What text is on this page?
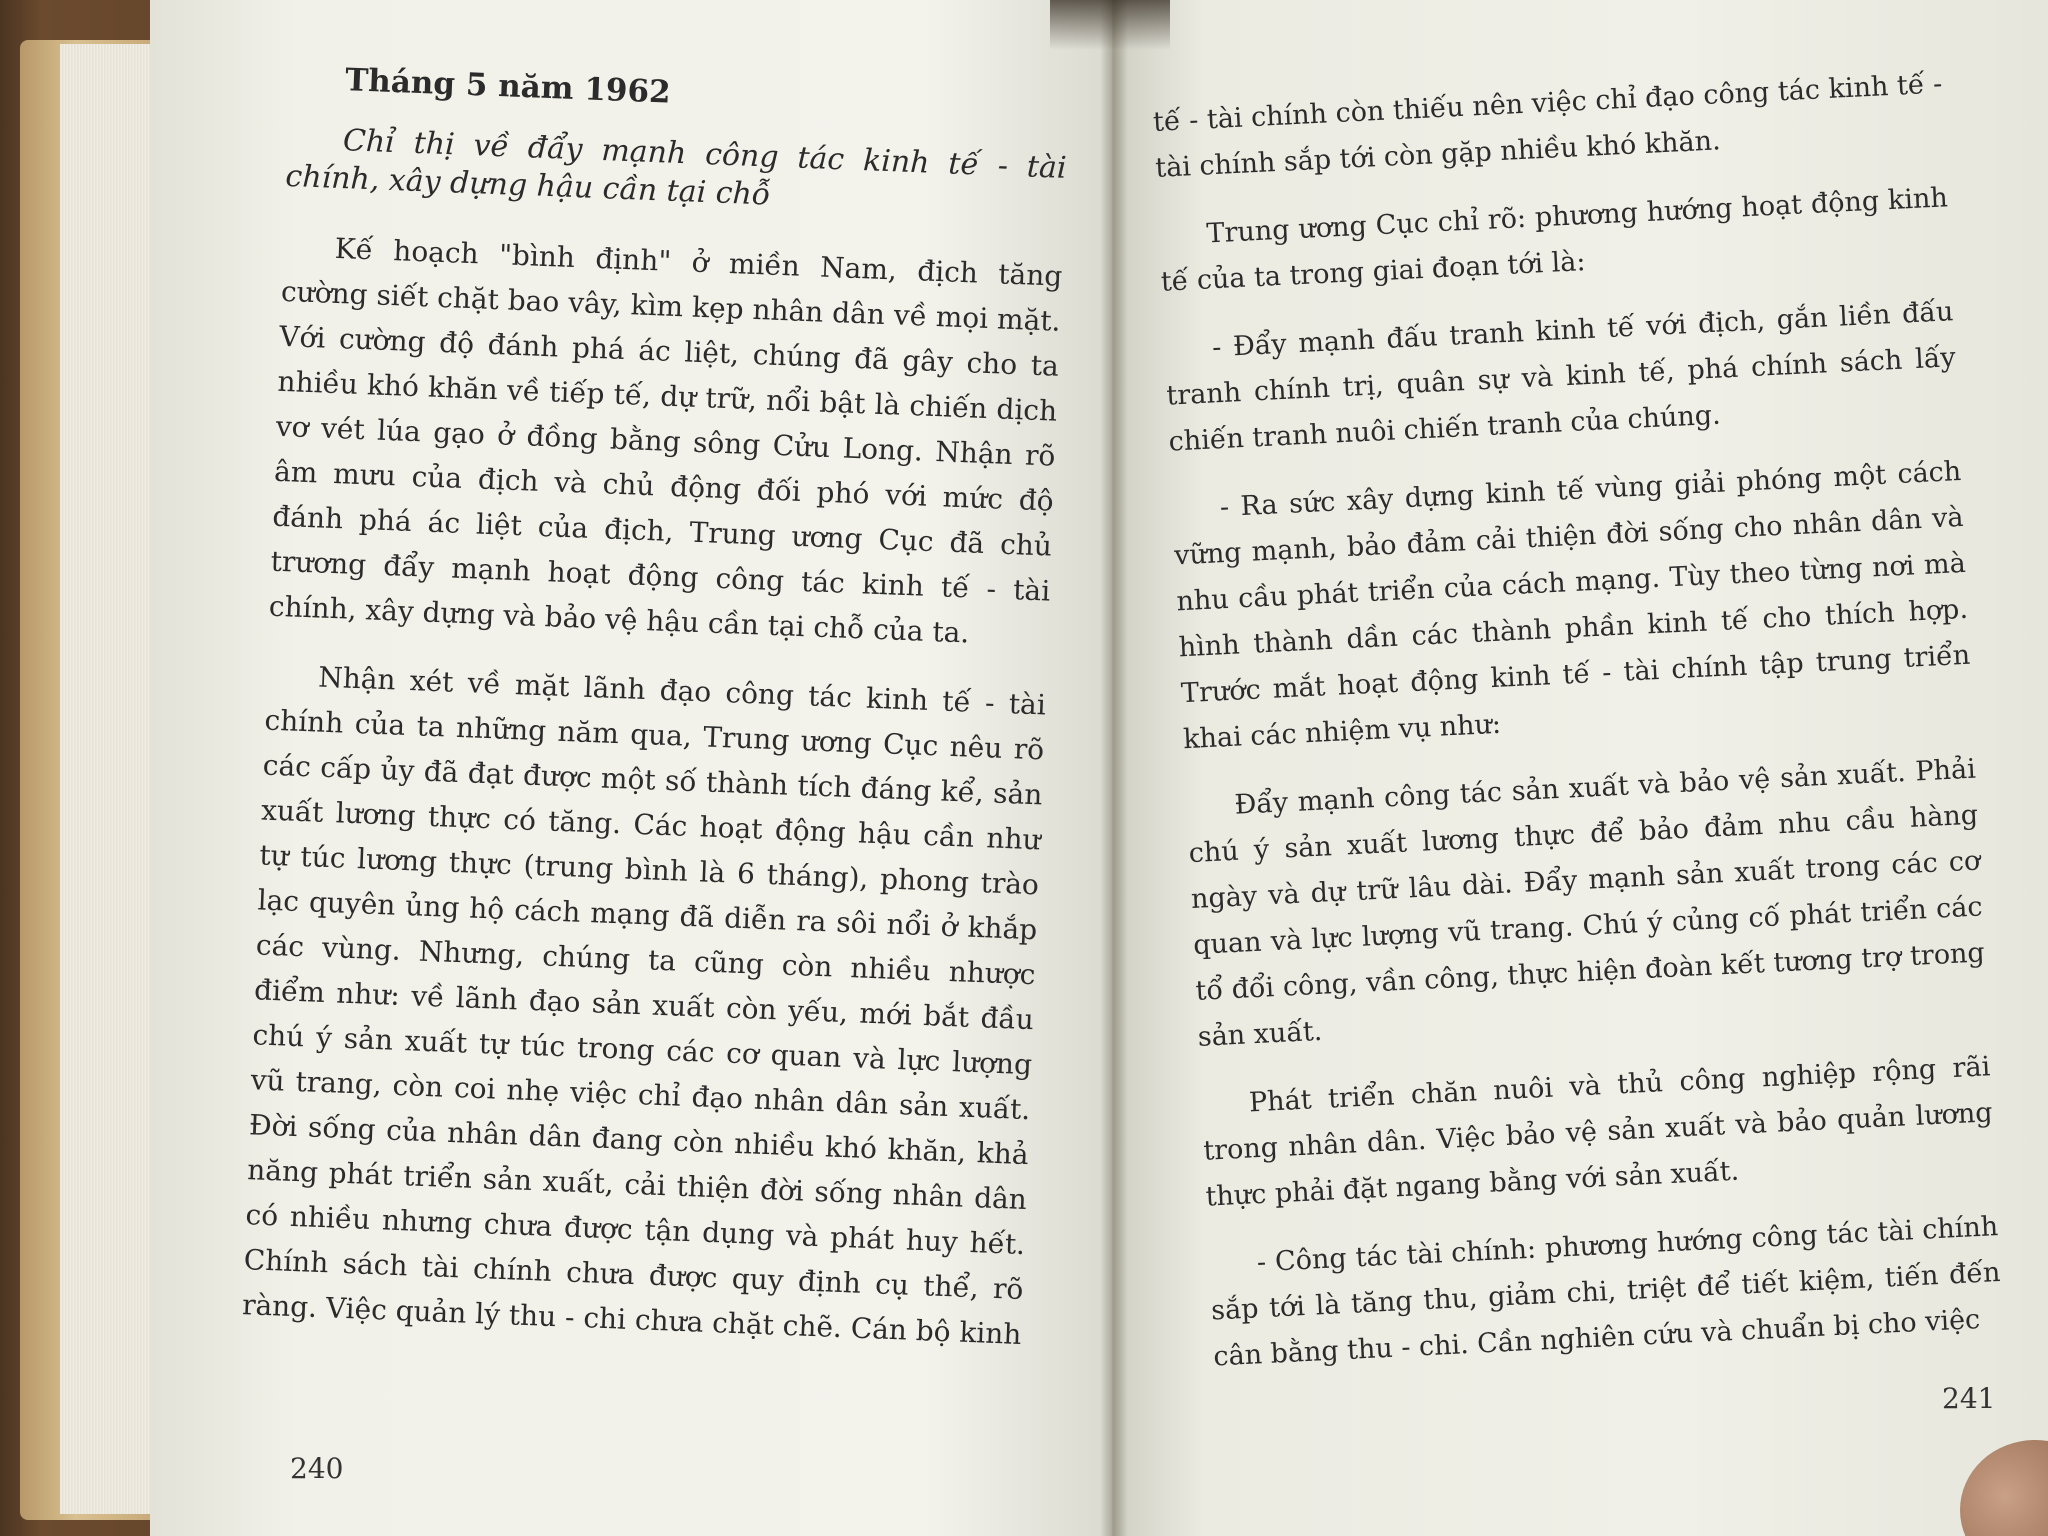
Tháng 5 năm 1962
Chỉ thị về đẩy mạnh công tác kinh tế - tài chính, xây dựng hậu cần tại chỗ

Kế hoạch "bình định" ở miền Nam, địch tăng cường siết chặt bao vây, kìm kẹp nhân dân về mọi mặt. Với cường độ đánh phá ác liệt, chúng đã gây cho ta nhiều khó khăn về tiếp tế, dự trữ, nổi bật là chiến dịch vơ vét lúa gạo ở đồng bằng sông Cửu Long. Nhận rõ âm mưu của địch và chủ động đối phó với mức độ đánh phá ác liệt của địch, Trung ương Cục đã chủ trương đẩy mạnh hoạt động công tác kinh tế - tài chính, xây dựng và bảo vệ hậu cần tại chỗ của ta.

Nhận xét về mặt lãnh đạo công tác kinh tế - tài chính của ta những năm qua, Trung ương Cục nêu rõ các cấp ủy đã đạt được một số thành tích đáng kể, sản xuất lương thực có tăng. Các hoạt động hậu cần như tự túc lương thực (trung bình là 6 tháng), phong trào lạc quyên ủng hộ cách mạng đã diễn ra sôi nổi ở khắp các vùng. Nhưng, chúng ta cũng còn nhiều nhược điểm như: về lãnh đạo sản xuất còn yếu, mới bắt đầu chú ý sản xuất tự túc trong các cơ quan và lực lượng vũ trang, còn coi nhẹ việc chỉ đạo nhân dân sản xuất. Đời sống của nhân dân đang còn nhiều khó khăn, khả năng phát triển sản xuất, cải thiện đời sống nhân dân có nhiều nhưng chưa được tận dụng và phát huy hết. Chính sách tài chính chưa được quy định cụ thể, rõ ràng. Việc quản lý thu - chi chưa chặt chẽ. Cán bộ kinh

240

tế - tài chính còn thiếu nên việc chỉ đạo công tác kinh tế - tài chính sắp tới còn gặp nhiều khó khăn.

Trung ương Cục chỉ rõ: phương hướng hoạt động kinh tế của ta trong giai đoạn tới là:

- Đẩy mạnh đấu tranh kinh tế với địch, gắn liền đấu tranh chính trị, quân sự và kinh tế, phá chính sách lấy chiến tranh nuôi chiến tranh của chúng.

- Ra sức xây dựng kinh tế vùng giải phóng một cách vững mạnh, bảo đảm cải thiện đời sống cho nhân dân và nhu cầu phát triển của cách mạng. Tùy theo từng nơi mà hình thành dần các thành phần kinh tế cho thích hợp. Trước mắt hoạt động kinh tế - tài chính tập trung triển khai các nhiệm vụ như:

Đẩy mạnh công tác sản xuất và bảo vệ sản xuất. Phải chú ý sản xuất lương thực để bảo đảm nhu cầu hàng ngày và dự trữ lâu dài. Đẩy mạnh sản xuất trong các cơ quan và lực lượng vũ trang. Chú ý củng cố phát triển các tổ đổi công, vần công, thực hiện đoàn kết tương trợ trong sản xuất.

Phát triển chăn nuôi và thủ công nghiệp rộng rãi trong nhân dân. Việc bảo vệ sản xuất và bảo quản lương thực phải đặt ngang bằng với sản xuất.

- Công tác tài chính: phương hướng công tác tài chính sắp tới là tăng thu, giảm chi, triệt để tiết kiệm, tiến đến cân bằng thu - chi. Cần nghiên cứu và chuẩn bị cho việc

241
